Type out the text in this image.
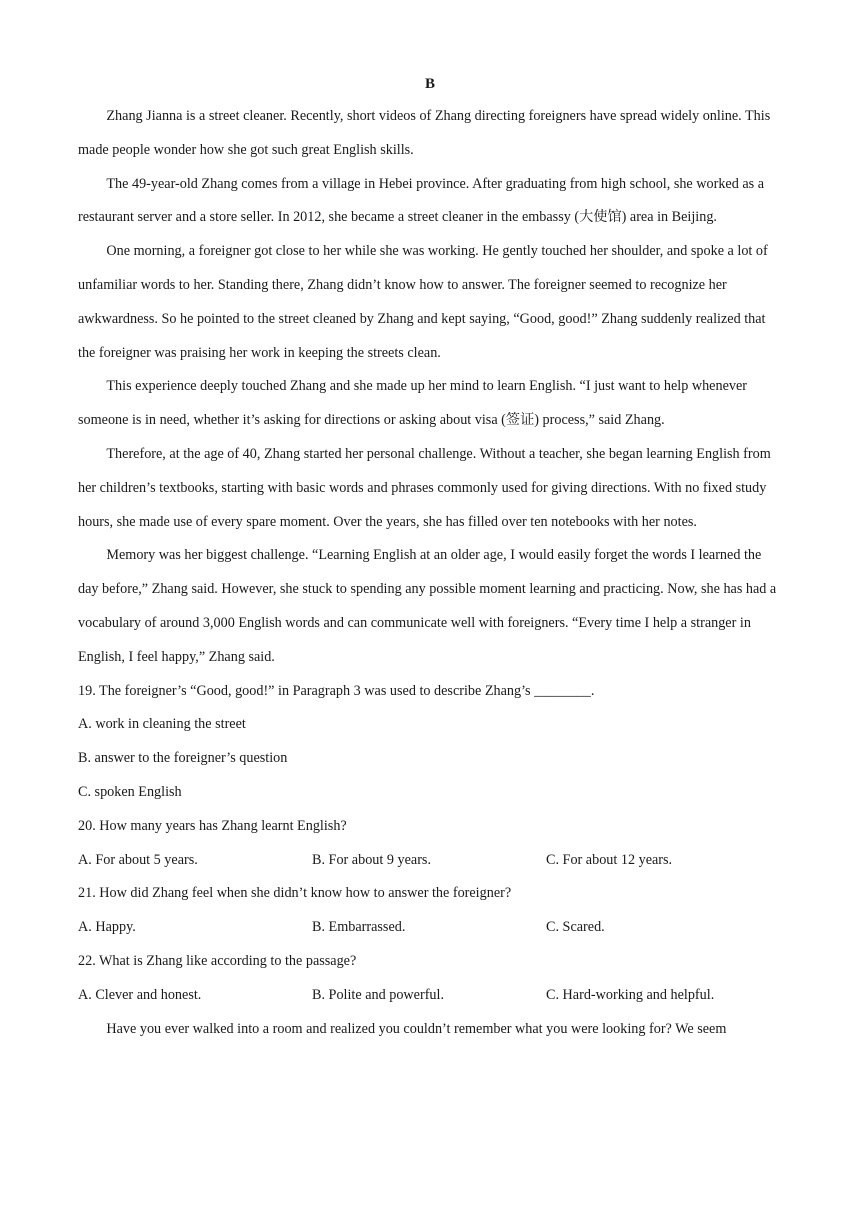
B

Zhang Jianna is a street cleaner. Recently, short videos of Zhang directing foreigners have spread widely online. This made people wonder how she got such great English skills.

The 49-year-old Zhang comes from a village in Hebei province. After graduating from high school, she worked as a restaurant server and a store seller. In 2012, she became a street cleaner in the embassy (大使馆) area in Beijing.

One morning, a foreigner got close to her while she was working. He gently touched her shoulder, and spoke a lot of unfamiliar words to her. Standing there, Zhang didn’t know how to answer. The foreigner seemed to recognize her awkwardness. So he pointed to the street cleaned by Zhang and kept saying, “Good, good!” Zhang suddenly realized that the foreigner was praising her work in keeping the streets clean.

This experience deeply touched Zhang and she made up her mind to learn English. “I just want to help whenever someone is in need, whether it’s asking for directions or asking about visa (签证) process,” said Zhang.

Therefore, at the age of 40, Zhang started her personal challenge. Without a teacher, she began learning English from her children’s textbooks, starting with basic words and phrases commonly used for giving directions. With no fixed study hours, she made use of every spare moment. Over the years, she has filled over ten notebooks with her notes.

Memory was her biggest challenge. “Learning English at an older age, I would easily forget the words I learned the day before,” Zhang said. However, she stuck to spending any possible moment learning and practicing. Now, she has had a vocabulary of around 3,000 English words and can communicate well with foreigners. “Every time I help a stranger in English, I feel happy,” Zhang said.

19. The foreigner’s “Good, good!” in Paragraph 3 was used to describe Zhang’s ________.
A. work in cleaning the street
B. answer to the foreigner’s question
C. spoken English
20. How many years has Zhang learnt English?
A. For about 5 years.	B. For about 9 years.	C. For about 12 years.
21. How did Zhang feel when she didn’t know how to answer the foreigner?
A. Happy.	B. Embarrassed.	C. Scared.
22. What is Zhang like according to the passage?
A. Clever and honest.	B. Polite and powerful.	C. Hard-working and helpful.

Have you ever walked into a room and realized you couldn’t remember what you were looking for? We seem
